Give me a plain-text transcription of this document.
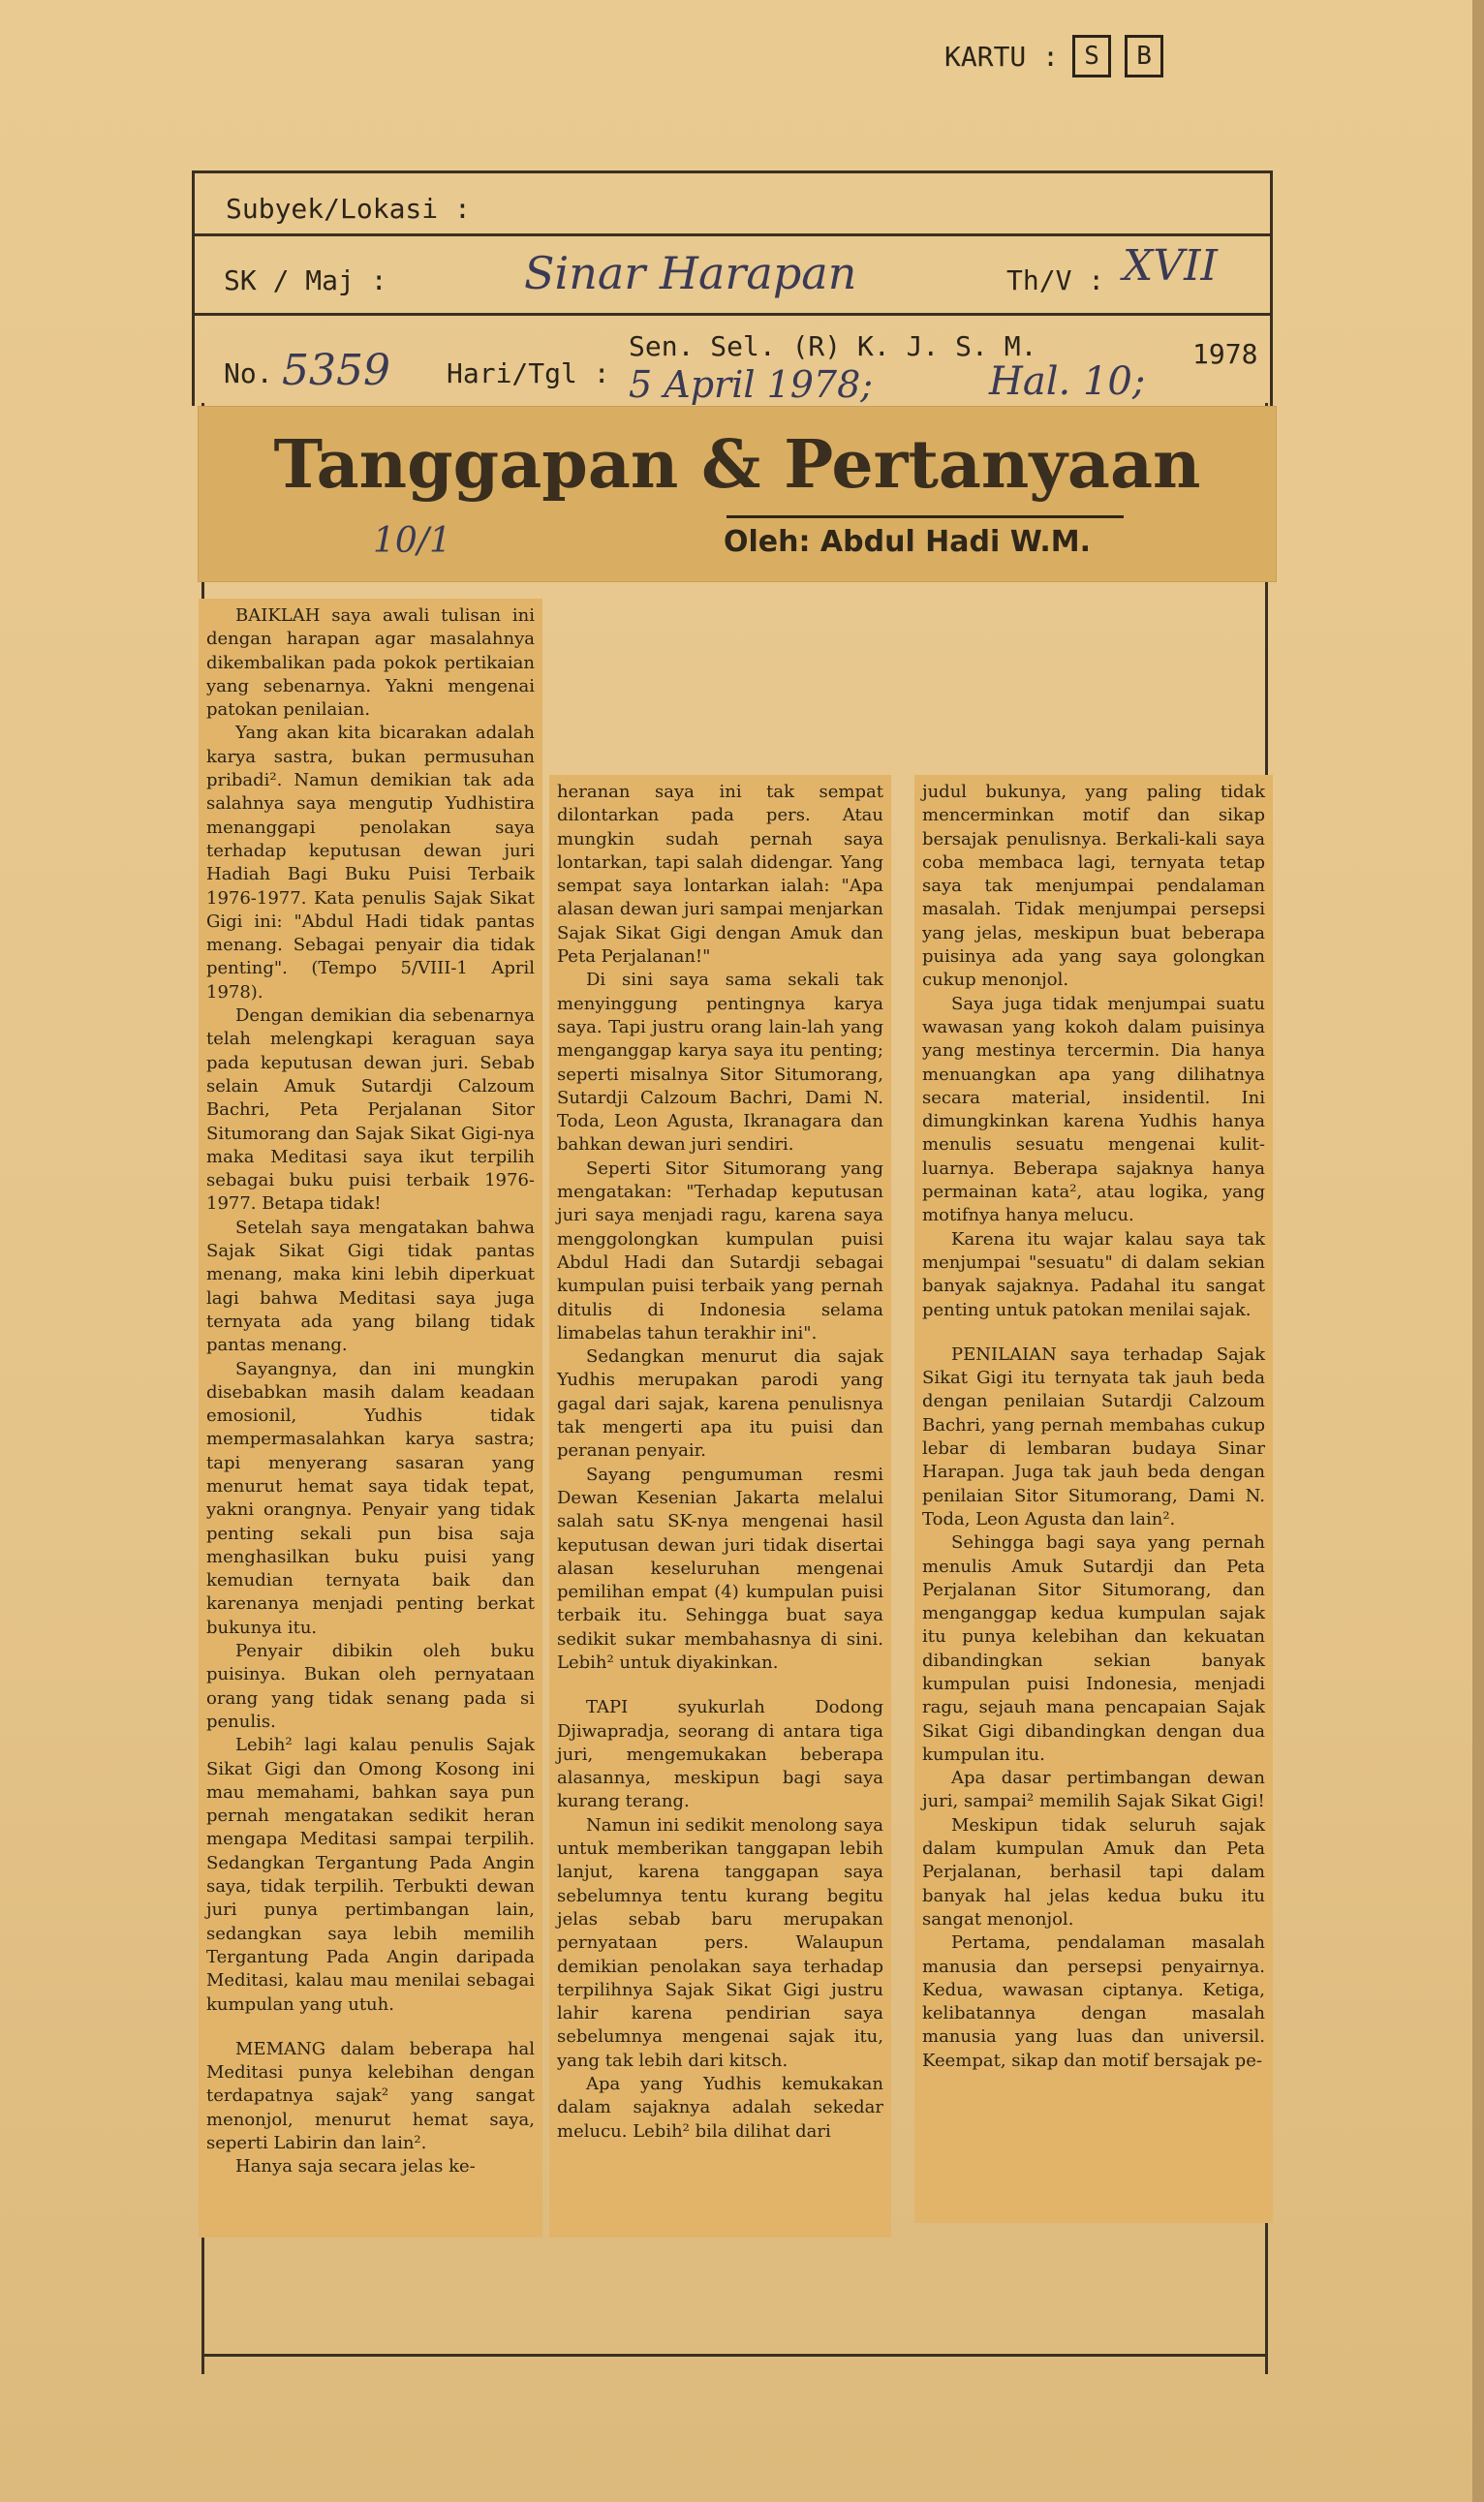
KARTU :	S	B
Subyek/Lokasi :
SK / Maj :	Sinar Harapan	Th/V : XVII
No. 5359 Hari/Tgl :
Sen. Sel. (R) K. J. S. M.	1978
5 April 1978;	Hal. 10;
Tanggapan & Pertanyaan
10/1	Oleh: Abdul Hadi W.M.

BAIKLAH saya awali tulisan ini dengan harapan agar masalahnya dikembalikan pada pokok pertikaian yang sebenarnya. Yakni mengenai patokan penilaian.

Yang akan kita bicarakan adalah karya sastra, bukan permusuhan pribadi². Namun demikian tak ada salahnya saya mengutip Yudhistira menanggapi penolakan saya terhadap keputusan dewan juri Hadiah Bagi Buku Puisi Terbaik 1976-1977. Kata penulis Sajak Sikat Gigi ini: "Abdul Hadi tidak pantas menang. Sebagai penyair dia tidak penting". (Tempo 5/VIII-1 April 1978).

Dengan demikian dia sebenarnya telah melengkapi keraguan saya pada keputusan dewan juri. Sebab selain Amuk Sutardji Calzoum Bachri, Peta Perjalanan Sitor Situmorang dan Sajak Sikat Gigi-nya maka Meditasi saya ikut terpilih sebagai buku puisi terbaik 1976-1977. Betapa tidak!

Setelah saya mengatakan bahwa Sajak Sikat Gigi tidak pantas menang, maka kini lebih diperkuat lagi bahwa Meditasi saya juga ternyata ada yang bilang tidak pantas menang.

Sayangnya, dan ini mungkin disebabkan masih dalam keadaan emosionil, Yudhis tidak mempermasalahkan karya sastra; tapi menyerang sasaran yang menurut hemat saya tidak tepat, yakni orangnya. Penyair yang tidak penting sekali pun bisa saja menghasilkan buku puisi yang kemudian ternyata baik dan karenanya menjadi penting berkat bukunya itu.

Penyair dibikin oleh buku puisinya. Bukan oleh pernyataan orang yang tidak senang pada si penulis.

Lebih² lagi kalau penulis Sajak Sikat Gigi dan Omong Kosong ini mau memahami, bahkan saya pun pernah mengatakan sedikit heran mengapa Meditasi sampai terpilih. Sedangkan Tergantung Pada Angin saya, tidak terpilih. Terbukti dewan juri punya pertimbangan lain, sedangkan saya lebih memilih Tergantung Pada Angin daripada Meditasi, kalau mau menilai sebagai kumpulan yang utuh.

MEMANG dalam beberapa hal Meditasi punya kelebihan dengan terdapatnya sajak² yang sangat menonjol, menurut hemat saya, seperti Labirin dan lain².

Hanya saja secara jelas ke-

heranan saya ini tak sempat dilontarkan pada pers. Atau mungkin sudah pernah saya lontarkan, tapi salah didengar. Yang sempat saya lontarkan ialah: "Apa alasan dewan juri sampai menjarkan Sajak Sikat Gigi dengan Amuk dan Peta Perjalanan!"

Di sini saya sama sekali tak menyinggung pentingnya karya saya. Tapi justru orang lain-lah yang menganggap karya saya itu penting; seperti misalnya Sitor Situmorang, Sutardji Calzoum Bachri, Dami N. Toda, Leon Agusta, Ikranagara dan bahkan dewan juri sendiri.

Seperti Sitor Situmorang yang mengatakan: "Terhadap keputusan juri saya menjadi ragu, karena saya menggolongkan kumpulan puisi Abdul Hadi dan Sutardji sebagai kumpulan puisi terbaik yang pernah ditulis di Indonesia selama limabelas tahun terakhir ini".

Sedangkan menurut dia sajak Yudhis merupakan parodi yang gagal dari sajak, karena penulisnya tak mengerti apa itu puisi dan peranan penyair.

Sayang pengumuman resmi Dewan Kesenian Jakarta melalui salah satu SK-nya mengenai hasil keputusan dewan juri tidak disertai alasan keseluruhan mengenai pemilihan empat (4) kumpulan puisi terbaik itu. Sehingga buat saya sedikit sukar membahasnya di sini. Lebih² untuk diyakinkan.

TAPI syukurlah Dodong Djiwapradja, seorang di antara tiga juri, mengemukakan beberapa alasannya, meskipun bagi saya kurang terang.

Namun ini sedikit menolong saya untuk memberikan tanggapan lebih lanjut, karena tanggapan saya sebelumnya tentu kurang begitu jelas sebab baru merupakan pernyataan pers. Walaupun demikian penolakan saya terhadap terpilihnya Sajak Sikat Gigi justru lahir karena pendirian saya sebelumnya mengenai sajak itu, yang tak lebih dari kitsch.

Apa yang Yudhis kemukakan dalam sajaknya adalah sekedar melucu. Lebih² bila dilihat dari

judul bukunya, yang paling tidak mencerminkan motif dan sikap bersajak penulisnya. Berkali-kali saya coba membaca lagi, ternyata tetap saya tak menjumpai pendalaman masalah. Tidak menjumpai persepsi yang jelas, meskipun buat beberapa puisinya ada yang saya golongkan cukup menonjol.

Saya juga tidak menjumpai suatu wawasan yang kokoh dalam puisinya yang mestinya tercermin. Dia hanya menuangkan apa yang dilihatnya secara material, insidentil. Ini dimungkinkan karena Yudhis hanya menulis sesuatu mengenai kulit-luarnya. Beberapa sajaknya hanya permainan kata², atau logika, yang motifnya hanya melucu.

Karena itu wajar kalau saya tak menjumpai "sesuatu" di dalam sekian banyak sajaknya. Padahal itu sangat penting untuk patokan menilai sajak.

PENILAIAN saya terhadap Sajak Sikat Gigi itu ternyata tak jauh beda dengan penilaian Sutardji Calzoum Bachri, yang pernah membahas cukup lebar di lembaran budaya Sinar Harapan. Juga tak jauh beda dengan penilaian Sitor Situmorang, Dami N. Toda, Leon Agusta dan lain².

Sehingga bagi saya yang pernah menulis Amuk Sutardji dan Peta Perjalanan Sitor Situmorang, dan menganggap kedua kumpulan sajak itu punya kelebihan dan kekuatan dibandingkan sekian banyak kumpulan puisi Indonesia, menjadi ragu, sejauh mana pencapaian Sajak Sikat Gigi dibandingkan dengan dua kumpulan itu.

Apa dasar pertimbangan dewan juri, sampai² memilih Sajak Sikat Gigi!

Meskipun tidak seluruh sajak dalam kumpulan Amuk dan Peta Perjalanan, berhasil tapi dalam banyak hal jelas kedua buku itu sangat menonjol.

Pertama, pendalaman masalah manusia dan persepsi penyairnya. Kedua, wawasan ciptanya. Ketiga, kelibatannya dengan masalah manusia yang luas dan universil. Keempat, sikap dan motif bersajak pe-
